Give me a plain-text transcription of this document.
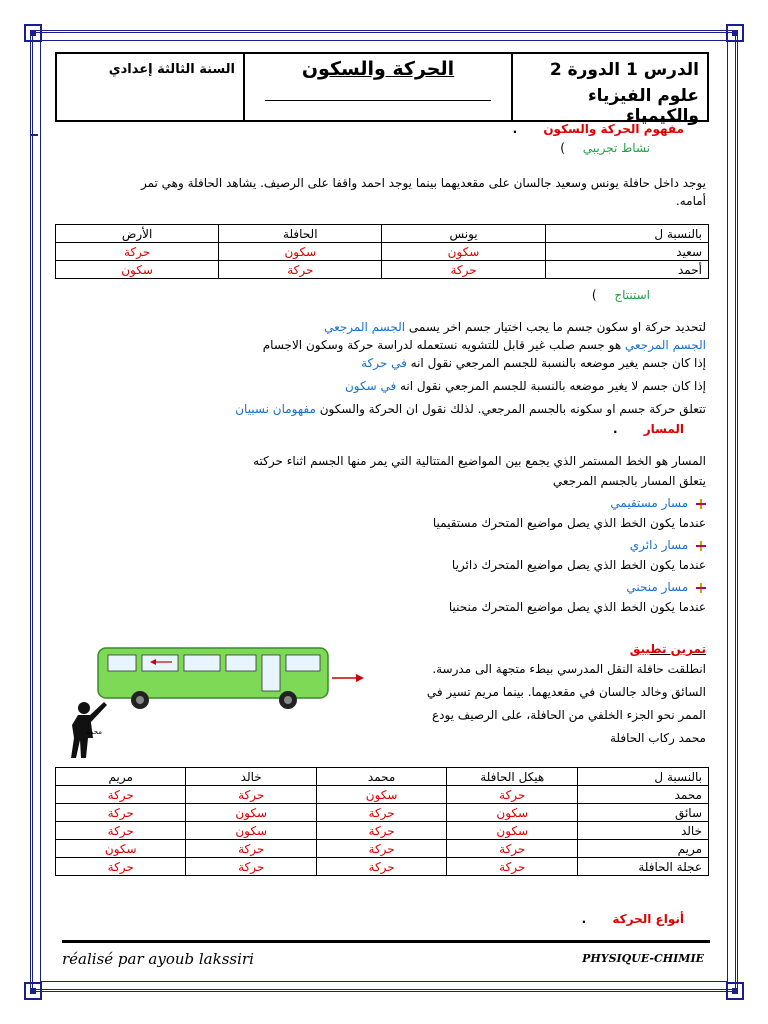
السنة الثالثة إعدادي	الحركة والسكون	الدرس 1 الدورة 2
علوم الفيزياء والكيمياء
مفهوم الحركة والسكون .
نشاط تجريبي )
يوجد داخل حافلة يونس وسعيد جالسان على مقعديهما بينما يوجد احمد واقفا على الرصيف. يشاهد الحافلة وهي تمر
أمامه.
بالنسبة ل	يونس	الحافلة	الأرض
سعيد	سكون	سكون	حركة
أحمد	حركة	حركة	سكون
استنتاج )
لتحديد حركة او سكون جسم ما يجب اختيار جسم اخر يسمى الجسم المرجعي
الجسم المرجعي هو جسم صلب غير قابل للتشويه نستعمله لدراسة حركة وسكون الاجسام
إذا كان جسم يغير موضعه بالنسبة للجسم المرجعي نقول انه في حركة
إذا كان جسم لا يغير موضعه بالنسبة للجسم المرجعي نقول انه في سكون
تتعلق حركة جسم او سكونه بالجسم المرجعي. لذلك نقول ان الحركة والسكون مفهومان نسبيان
المسار .
المسار هو الخط المستمر الذي يجمع بين المواضيع المتتالية التي يمر منها الجسم اثناء حركته
يتعلق المسار بالجسم المرجعي
مسار مستقيمي
عندما يكون الخط الذي يصل مواضيع المتحرك مستقيميا
مسار دائري
عندما يكون الخط الذي يصل مواضيع المتحرك دائريا
مسار منحني
عندما يكون الخط الذي يصل مواضيع المتحرك منحنيا
تمرين تطبيق
انطلقت حافلة النقل المدرسي بيطء متجهة الى مدرسة.
السائق وخالد جالسان في مقعديهما. بينما مريم تسير في
الممر نحو الجزء الخلفي من الحافلة، على الرصيف يودع
محمد ركاب الحافلة
محمد
بالنسبة ل	هيكل الحافلة	محمد	خالد	مريم
محمد	حركة	سكون	حركة	حركة
سائق	سكون	حركة	سكون	حركة
خالد	سكون	حركة	سكون	حركة
مريم	حركة	حركة	حركة	سكون
عجلة الحافلة	حركة	حركة	حركة	حركة
أنواع الحركة .
réalisé par ayoub lakssiri	PHYSIQUE-CHIMIE
